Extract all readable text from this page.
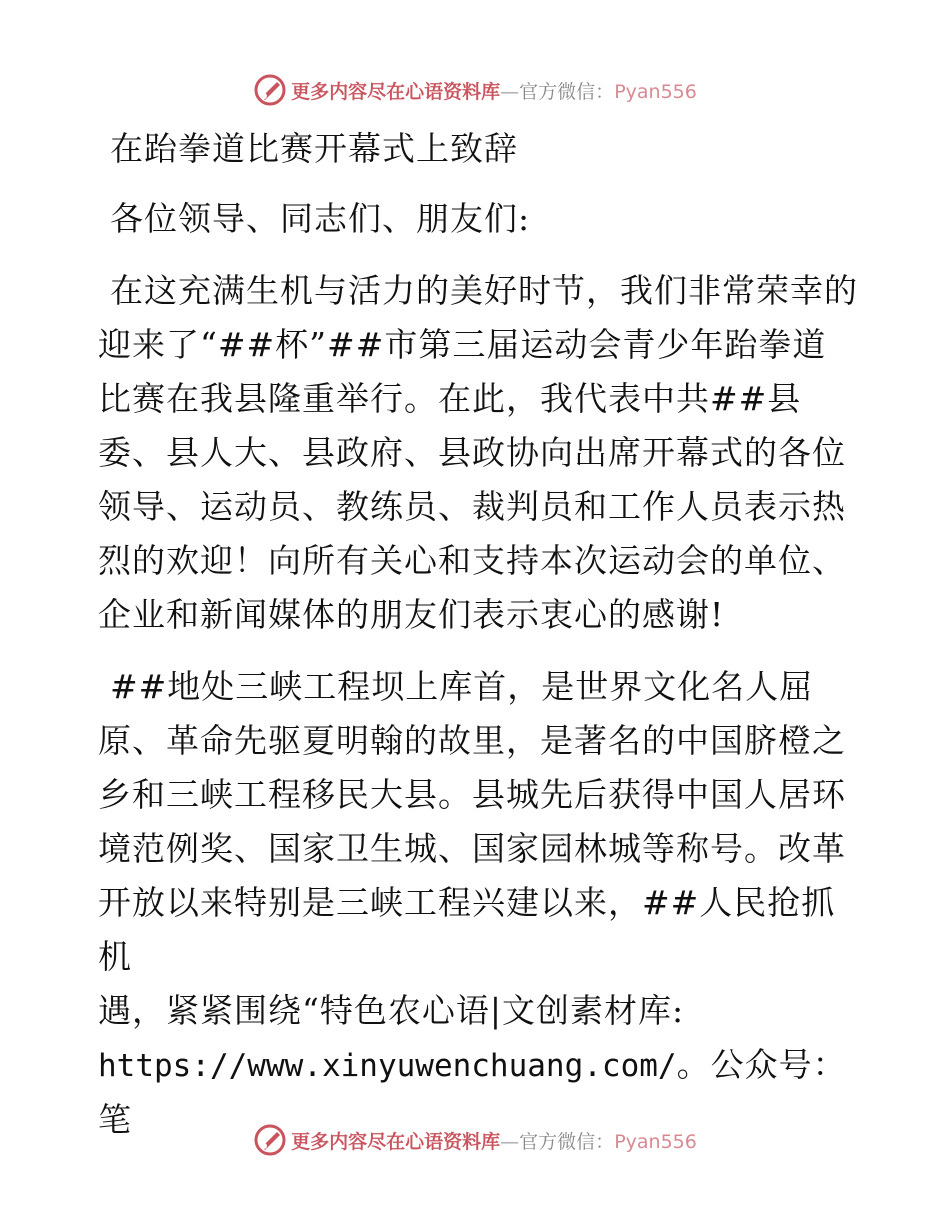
更多内容尽在心语资料库—官方微信：Pyan556

在跆拳道比赛开幕式上致辞

各位领导、同志们、朋友们:

在这充满生机与活力的美好时节，我们非常荣幸的迎来了“##杯”##市第三届运动会青少年跆拳道比赛在我县隆重举行。在此，我代表中共##县委、县人大、县政府、县政协向出席开幕式的各位领导、运动员、教练员、裁判员和工作人员表示热烈的欢迎！向所有关心和支持本次运动会的单位、企业和新闻媒体的朋友们表示衷心的感谢!

##地处三峡工程坝上库首，是世界文化名人屈
原、革命先驱夏明翰的故里，是著名的中国脐橙之
乡和三峡工程移民大县。县城先后获得中国人居环
境范例奖、国家卫生城、国家园林城等称号。改革
开放以来特别是三峡工程兴建以来，##人民抢抓机
遇，紧紧围绕“特色农心语|文创素材库:
https://www.xinyuwenchuang.com/。公众号：笔
更多内容尽在心语资料库—官方微信：Pyan556
